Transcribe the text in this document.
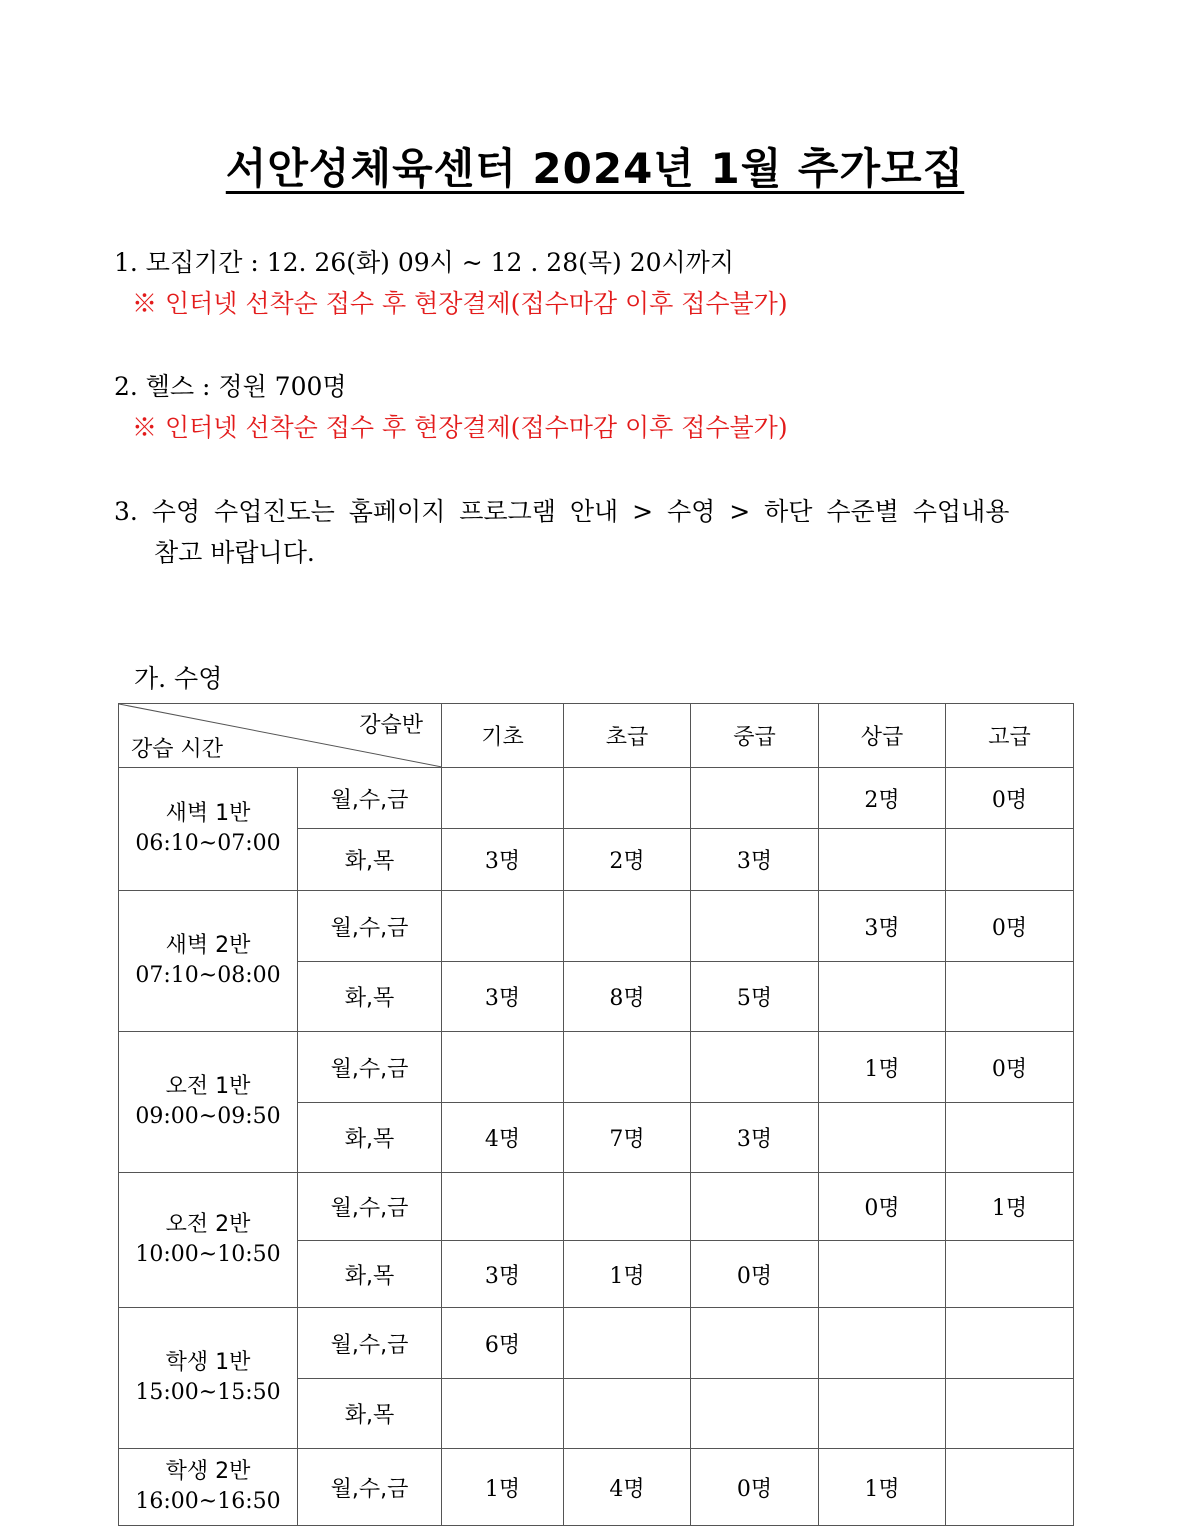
서안성체육센터 2024년 1월 추가모집
1. 모집기간 : 12. 26(화) 09시 ~ 12 . 28(목) 20시까지
※ 인터넷 선착순 접수 후 현장결제(접수마감 이후 접수불가)
2. 헬스 : 정원 700명
※ 인터넷 선착순 접수 후 현장결제(접수마감 이후 접수불가)
3. 수영 수업진도는 홈페이지 프로그램 안내 > 수영 > 하단 수준별 수업내용
참고 바랍니다.
가. 수영
강습반
강습 시간		기초	초급	중급	상급	고급

새벽 1반
06:10~07:00	월,수,금				2명	0명
	화,목	3명	2명	3명		

새벽 2반
07:10~08:00	월,수,금				3명	0명
	화,목	3명	8명	5명		

오전 1반
09:00~09:50	월,수,금				1명	0명
	화,목	4명	7명	3명		

오전 2반
10:00~10:50	월,수,금				0명	1명
	화,목	3명	1명	0명		

학생 1반
15:00~15:50	월,수,금	6명				
	화,목					

학생 2반
16:00~16:50	월,수,금	1명	4명	0명	1명	
